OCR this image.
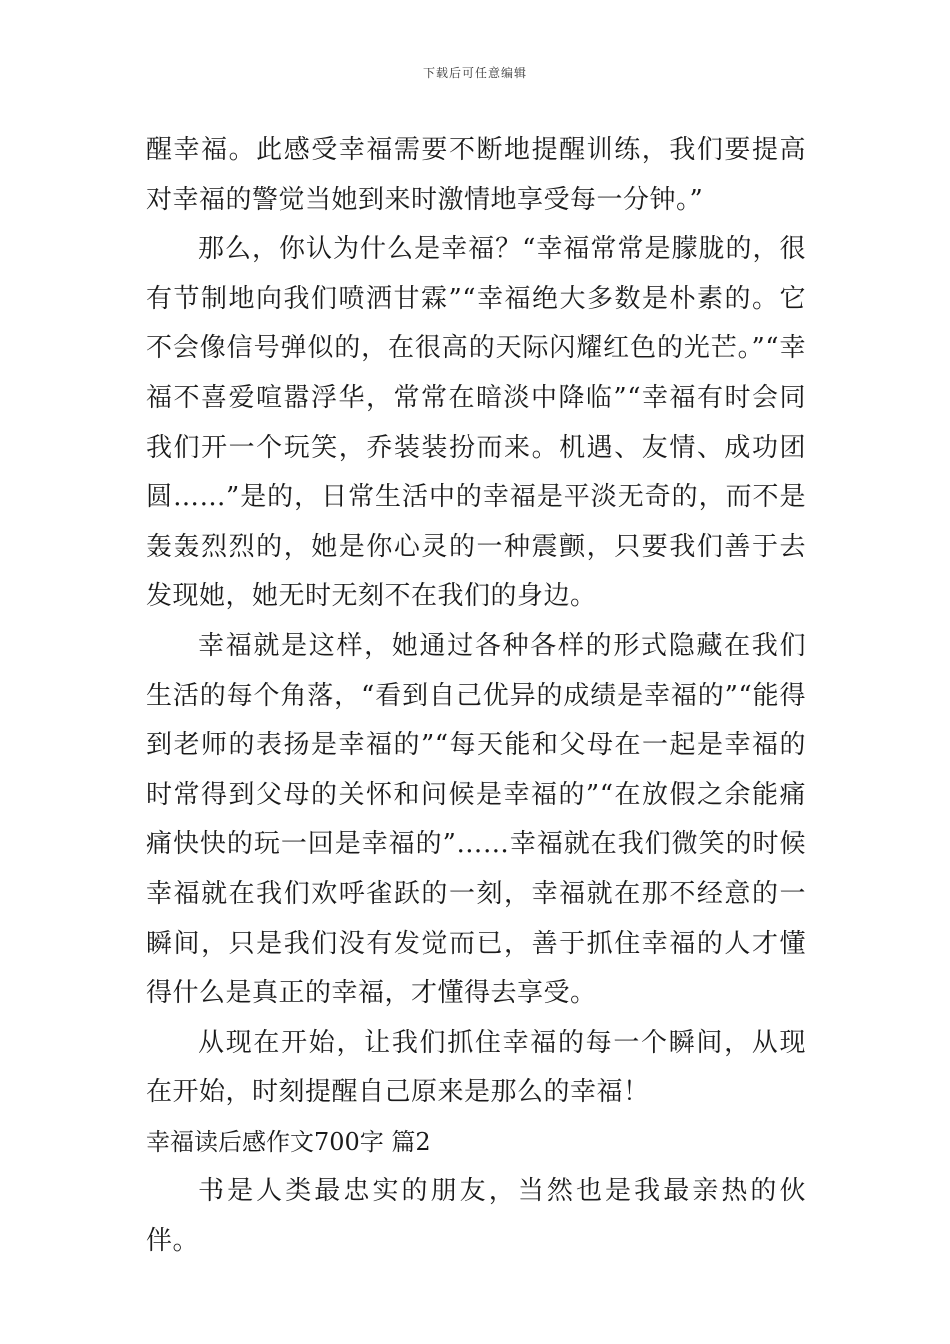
下载后可任意编辑

醒幸福。此感受幸福需要不断地提醒训练，我们要提高对幸福的警觉当她到来时激情地享受每一分钟。”

那么，你认为什么是幸福？“幸福常常是朦胧的，很有节制地向我们喷洒甘霖”“幸福绝大多数是朴素的。它不会像信号弹似的，在很高的天际闪耀红色的光芒。”“幸福不喜爱喧嚣浮华，常常在暗淡中降临”“幸福有时会同我们开一个玩笑，乔装装扮而来。机遇、友情、成功团圆……”是的，日常生活中的幸福是平淡无奇的，而不是轰轰烈烈的，她是你心灵的一种震颤，只要我们善于去发现她，她无时无刻不在我们的身边。

幸福就是这样，她通过各种各样的形式隐藏在我们生活的每个角落，“看到自己优异的成绩是幸福的”“能得到老师的表扬是幸福的”“每天能和父母在一起是幸福的时常得到父母的关怀和问候是幸福的”“在放假之余能痛痛快快的玩一回是幸福的”……幸福就在我们微笑的时候幸福就在我们欢呼雀跃的一刻，幸福就在那不经意的一瞬间，只是我们没有发觉而已，善于抓住幸福的人才懂得什么是真正的幸福，才懂得去享受。

从现在开始，让我们抓住幸福的每一个瞬间，从现在开始，时刻提醒自己原来是那么的幸福！

幸福读后感作文700字 篇2

书是人类最忠实的朋友，当然也是我最亲热的伙伴。
